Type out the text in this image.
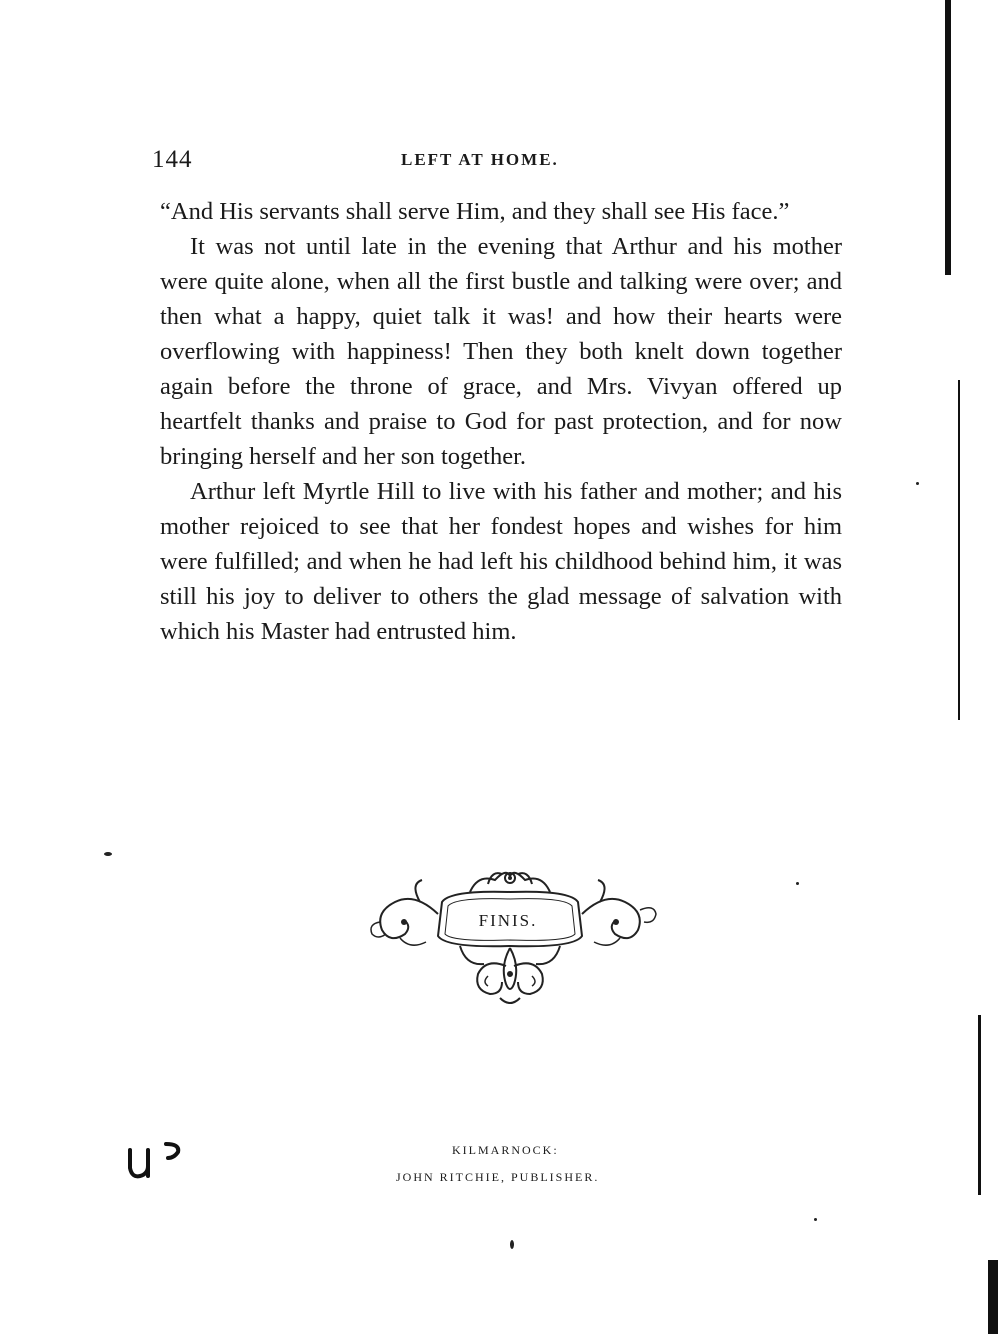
144	LEFT AT HOME.

“And His servants shall serve Him, and they shall see His face.”

It was not until late in the evening that Arthur and his mother were quite alone, when all the first bustle and talking were over; and then what a happy, quiet talk it was! and how their hearts were overflowing with happiness! Then they both knelt down together again before the throne of grace, and Mrs. Vivyan offered up heartfelt thanks and praise to God for past protection, and for now bringing herself and her son together.

Arthur left Myrtle Hill to live with his father and mother; and his mother rejoiced to see that her fondest hopes and wishes for him were fulfilled; and when he had left his childhood behind him, it was still his joy to deliver to others the glad message of salvation with which his Master had entrusted him.

FINIS.
KILMARNOCK:
JOHN RITCHIE, PUBLISHER.
